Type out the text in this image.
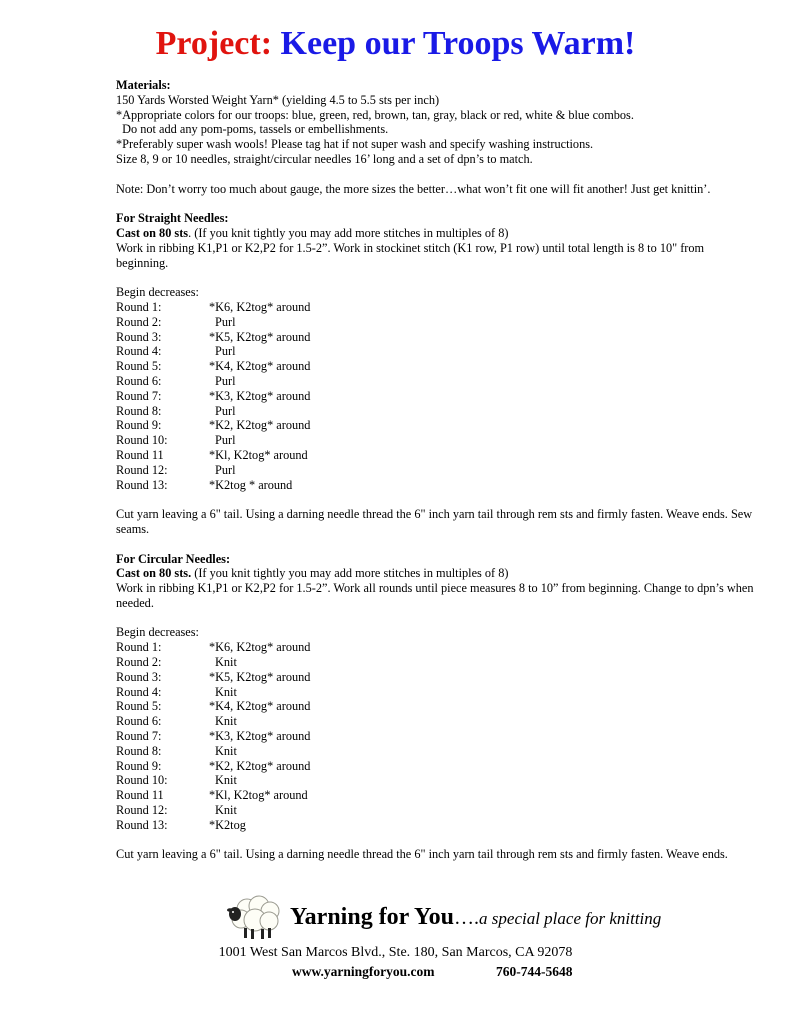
Project: Keep our Troops Warm!

Materials:

150 Yards Worsted Weight Yarn* (yielding 4.5 to 5.5 sts per inch)

*Appropriate colors for our troops: blue, green, red, brown, tan, gray, black or red, white & blue combos.

Do not add any pom-poms, tassels or embellishments.

*Preferably super wash wools! Please tag hat if not super wash and specify washing instructions.

Size 8, 9 or 10 needles, straight/circular needles 16’ long and a set of dpn’s to match.

Note: Don’t worry too much about gauge, the more sizes the better…what won’t fit one will fit another! Just get knittin’.

For Straight Needles:

Cast on 80 sts. (If you knit tightly you may add more stitches in multiples of 8)

Work in ribbing K1,P1 or K2,P2 for 1.5-2”. Work in stockinet stitch (K1 row, P1 row) until total length is 8 to 10" from beginning.

Begin decreases:

Round 1:	*K6, K2tog* around
Round 2:	Purl
Round 3:	*K5, K2tog* around
Round 4:	Purl
Round 5:	*K4, K2tog* around
Round 6:	Purl
Round 7:	*K3, K2tog* around
Round 8:	Purl
Round 9:	*K2, K2tog* around
Round 10:	Purl
Round 11	*Kl, K2tog* around
Round 12:	Purl
Round 13:	*K2tog * around

Cut yarn leaving a 6" tail. Using a darning needle thread the 6" inch yarn tail through rem sts and firmly fasten. Weave ends. Sew seams.

For Circular Needles:

Cast on 80 sts. (If you knit tightly you may add more stitches in multiples of 8)

Work in ribbing K1,P1 or K2,P2 for 1.5-2”. Work all rounds until piece measures 8 to 10” from beginning. Change to dpn’s when needed.

Begin decreases:

Round 1:	*K6, K2tog* around
Round 2:	Knit
Round 3:	*K5, K2tog* around
Round 4:	Knit
Round 5:	*K4, K2tog* around
Round 6:	Knit
Round 7:	*K3, K2tog* around
Round 8:	Knit
Round 9:	*K2, K2tog* around
Round 10:	Knit
Round 11	*Kl, K2tog* around
Round 12:	Knit
Round 13:	*K2tog

Cut yarn leaving a 6" tail. Using a darning needle thread the 6" inch yarn tail through rem sts and firmly fasten. Weave ends.

Yarning for You….a special place for knitting
1001 West San Marcos Blvd., Ste. 180, San Marcos, CA 92078
www.yarningforyou.com	760-744-5648
